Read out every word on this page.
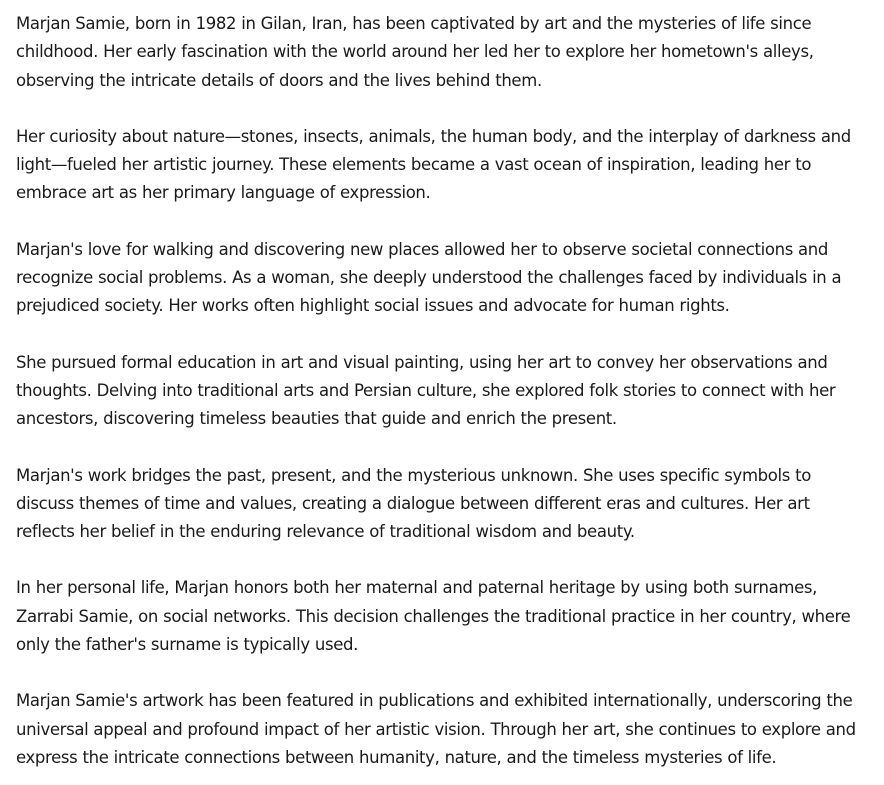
Marjan Samie, born in 1982 in Gilan, Iran, has been captivated by art and the mysteries of life since childhood. Her early fascination with the world around her led her to explore her hometown's alleys, observing the intricate details of doors and the lives behind them.

Her curiosity about nature—stones, insects, animals, the human body, and the interplay of darkness and light—fueled her artistic journey. These elements became a vast ocean of inspiration, leading her to embrace art as her primary language of expression.

Marjan's love for walking and discovering new places allowed her to observe societal connections and recognize social problems. As a woman, she deeply understood the challenges faced by individuals in a prejudiced society. Her works often highlight social issues and advocate for human rights.

She pursued formal education in art and visual painting, using her art to convey her observations and thoughts. Delving into traditional arts and Persian culture, she explored folk stories to connect with her ancestors, discovering timeless beauties that guide and enrich the present.

Marjan's work bridges the past, present, and the mysterious unknown. She uses specific symbols to discuss themes of time and values, creating a dialogue between different eras and cultures. Her art reflects her belief in the enduring relevance of traditional wisdom and beauty.

In her personal life, Marjan honors both her maternal and paternal heritage by using both surnames, Zarrabi Samie, on social networks. This decision challenges the traditional practice in her country, where only the father's surname is typically used.

Marjan Samie's artwork has been featured in publications and exhibited internationally, underscoring the universal appeal and profound impact of her artistic vision. Through her art, she continues to explore and express the intricate connections between humanity, nature, and the timeless mysteries of life.
